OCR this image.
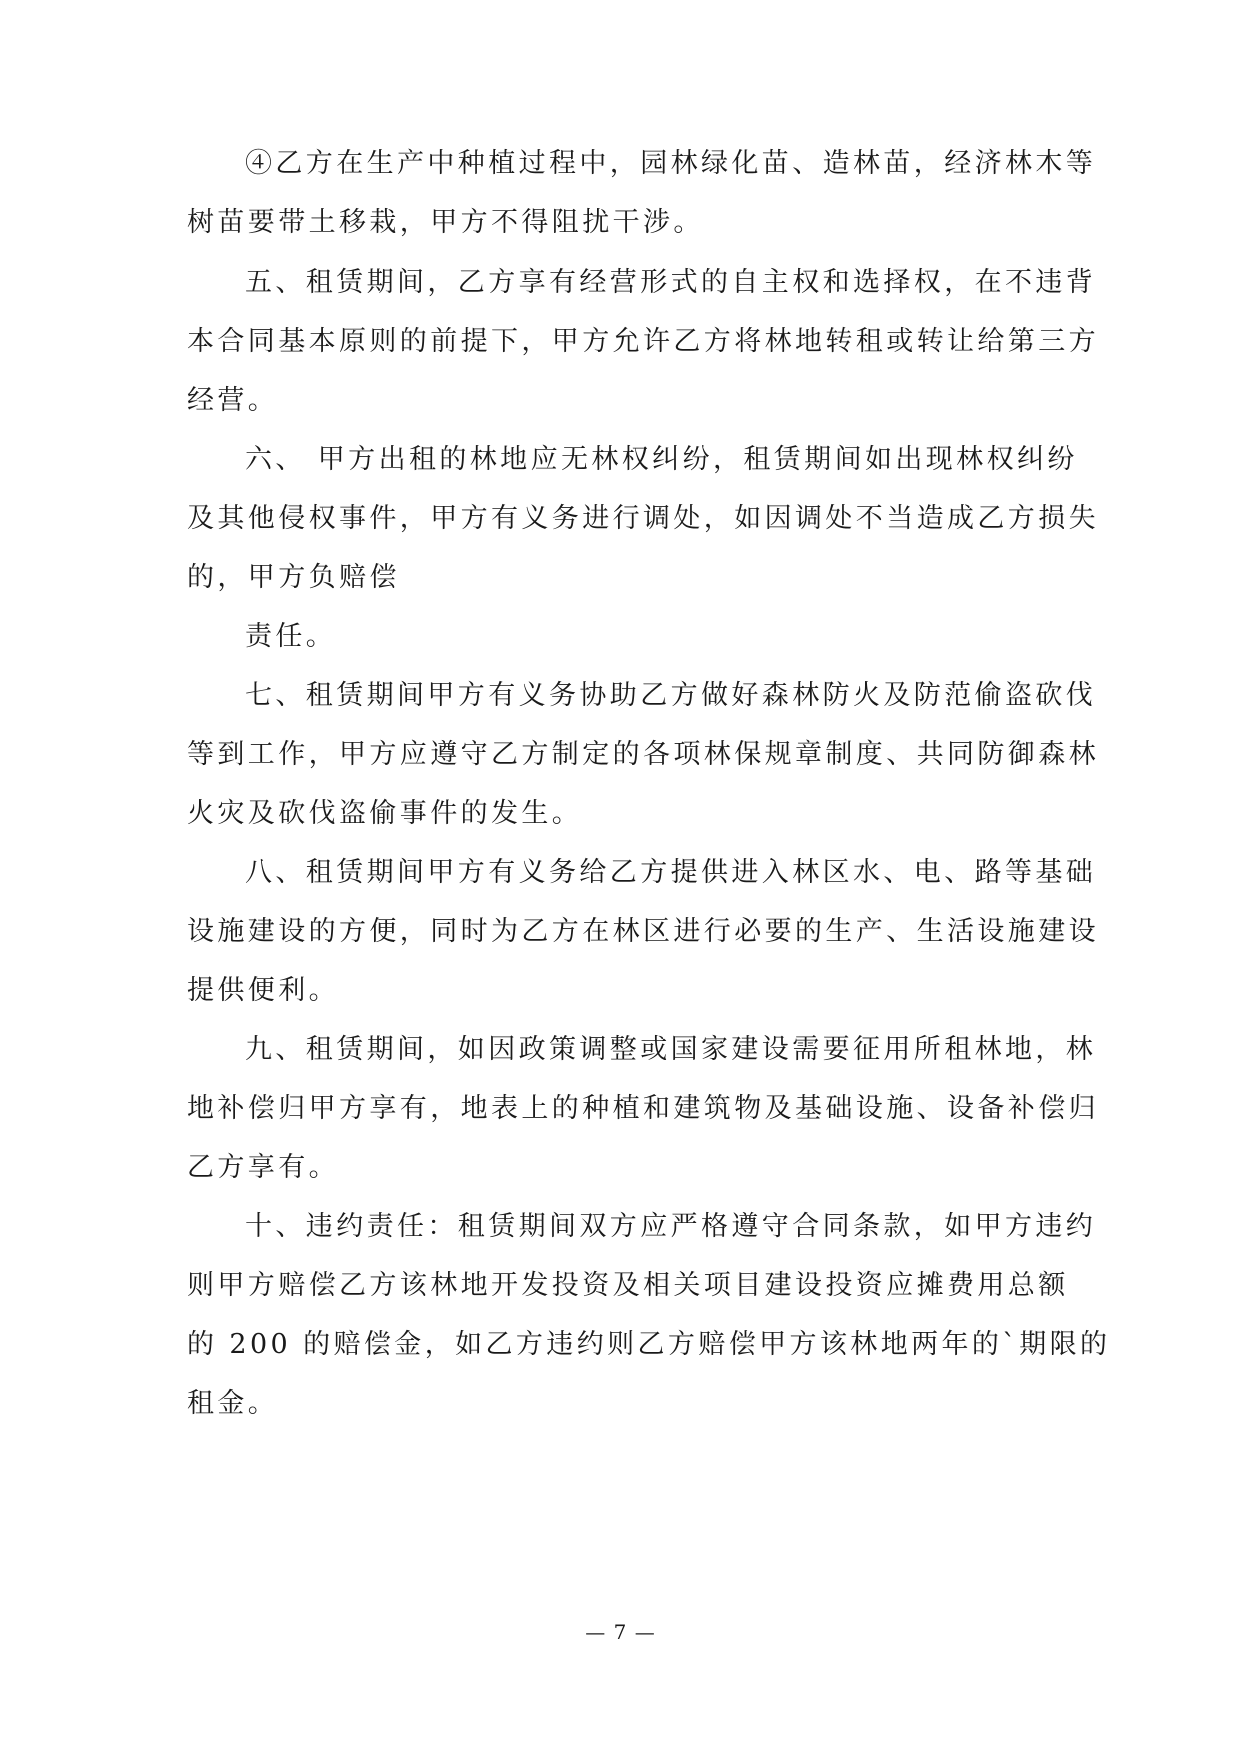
④乙方在生产中种植过程中，园林绿化苗、造林苗，经济林木等
树苗要带土移栽，甲方不得阻扰干涉。
五、租赁期间，乙方享有经营形式的自主权和选择权，在不违背
本合同基本原则的前提下，甲方允许乙方将林地转租或转让给第三方
经营。
六、 甲方出租的林地应无林权纠纷，租赁期间如出现林权纠纷
及其他侵权事件，甲方有义务进行调处，如因调处不当造成乙方损失
的，甲方负赔偿
责任。
七、租赁期间甲方有义务协助乙方做好森林防火及防范偷盗砍伐
等到工作，甲方应遵守乙方制定的各项林保规章制度、共同防御森林
火灾及砍伐盗偷事件的发生。
八、租赁期间甲方有义务给乙方提供进入林区水、电、路等基础
设施建设的方便，同时为乙方在林区进行必要的生产、生活设施建设
提供便利。
九、租赁期间，如因政策调整或国家建设需要征用所租林地，林
地补偿归甲方享有，地表上的种植和建筑物及基础设施、设备补偿归
乙方享有。
十、违约责任：租赁期间双方应严格遵守合同条款，如甲方违约
则甲方赔偿乙方该林地开发投资及相关项目建设投资应摊费用总额
的 200 的赔偿金，如乙方违约则乙方赔偿甲方该林地两年的`期限的
租金。
— 7 —
